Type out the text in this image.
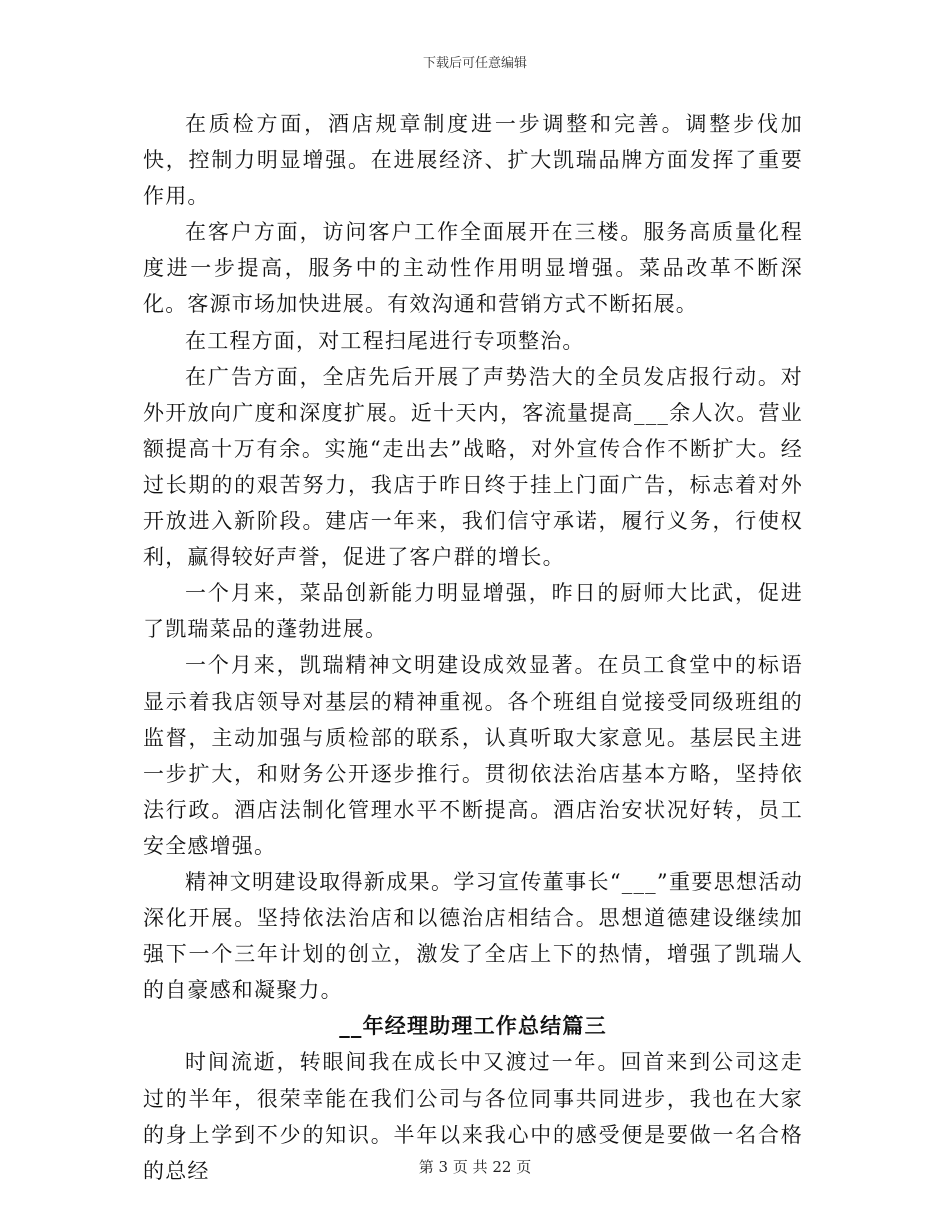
下载后可任意编辑

在质检方面，酒店规章制度进一步调整和完善。调整步伐加快，控制力明显增强。在进展经济、扩大凯瑞品牌方面发挥了重要作用。

在客户方面，访问客户工作全面展开在三楼。服务高质量化程度进一步提高，服务中的主动性作用明显增强。菜品改革不断深化。客源市场加快进展。有效沟通和营销方式不断拓展。

在工程方面，对工程扫尾进行专项整治。

在广告方面，全店先后开展了声势浩大的全员发店报行动。对外开放向广度和深度扩展。近十天内，客流量提高___余人次。营业额提高十万有余。实施“走出去”战略，对外宣传合作不断扩大。经过长期的的艰苦努力，我店于昨日终于挂上门面广告，标志着对外开放进入新阶段。建店一年来，我们信守承诺，履行义务，行使权利，赢得较好声誉，促进了客户群的增长。

一个月来，菜品创新能力明显增强，昨日的厨师大比武，促进了凯瑞菜品的蓬勃进展。

一个月来，凯瑞精神文明建设成效显著。在员工食堂中的标语显示着我店领导对基层的精神重视。各个班组自觉接受同级班组的监督，主动加强与质检部的联系，认真听取大家意见。基层民主进一步扩大，和财务公开逐步推行。贯彻依法治店基本方略，坚持依法行政。酒店法制化管理水平不断提高。酒店治安状况好转，员工安全感增强。

精神文明建设取得新成果。学习宣传董事长“___”重要思想活动深化开展。坚持依法治店和以德治店相结合。思想道德建设继续加强下一个三年计划的创立，激发了全店上下的热情，增强了凯瑞人的自豪感和凝聚力。

__年经理助理工作总结篇三

时间流逝，转眼间我在成长中又渡过一年。回首来到公司这走过的半年，很荣幸能在我们公司与各位同事共同进步，我也在大家的身上学到不少的知识。半年以来我心中的感受便是要做一名合格的总经	第 3 页 共 22 页
